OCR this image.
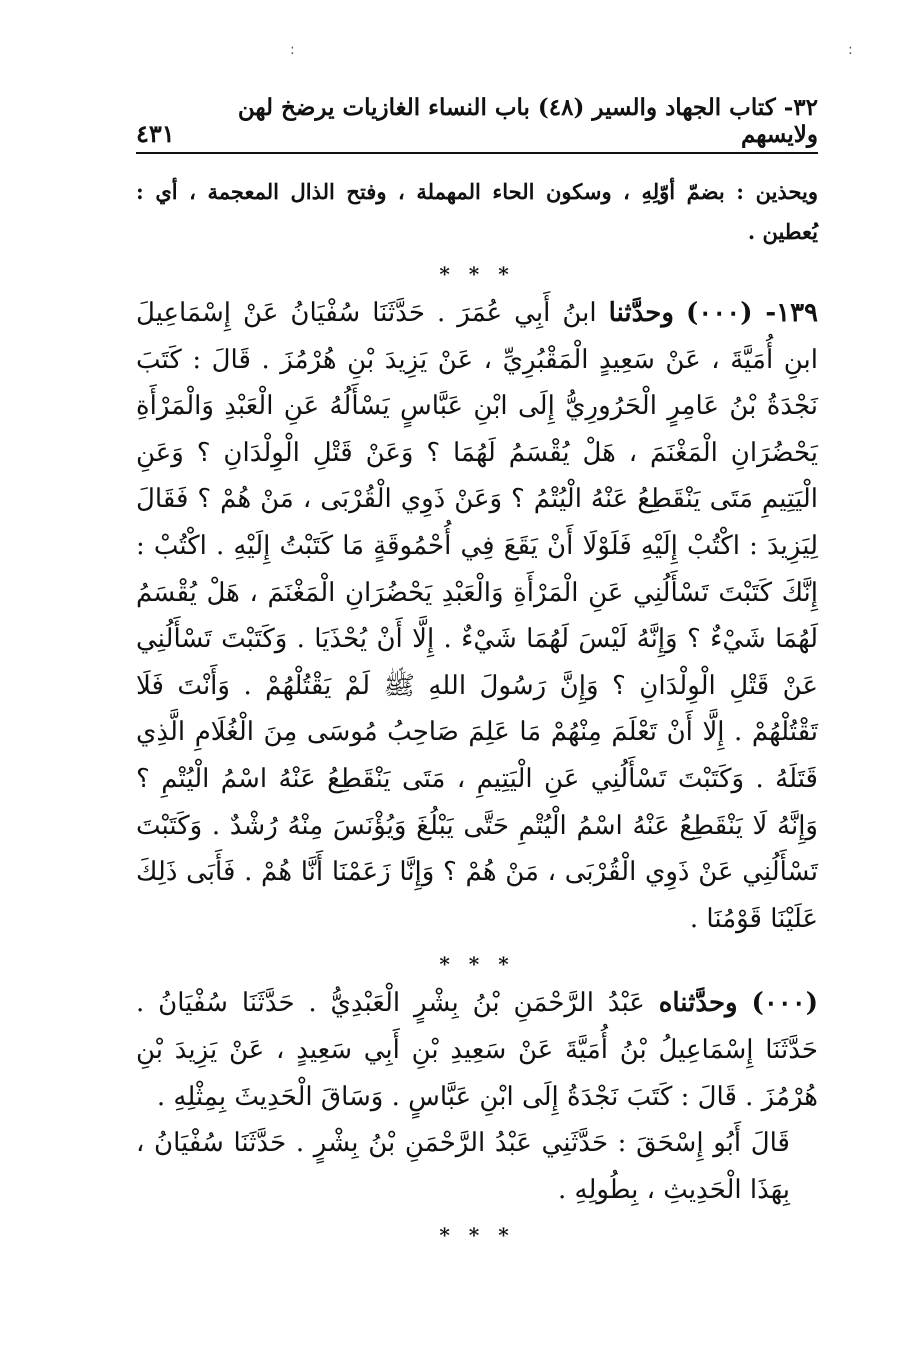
:	:
٣٢- كتاب الجهاد والسير (٤٨) باب النساء الغازيات يرضخ لهن ولايسهم
٤٣١
ويحذين : بضمّ أوّلِهِ ، وسكون الحاء المهملة ، وفتح الذال المعجمة ، أي : يُعطين .
* * *
١٣٩- (٠٠٠) وحدَّثنا ابنُ أَبِي عُمَرَ . حَدَّثَنَا سُفْيَانُ عَنْ إِسْمَاعِيلَ ابنِ أُمَيَّةَ ، عَنْ سَعِيدٍ الْمَقْبُرِيِّ ، عَنْ يَزِيدَ بْنِ هُرْمُزَ . قَالَ : كَتَبَ نَجْدَةُ بْنُ عَامِرٍ الْحَرُورِيُّ إِلَى ابْنِ عَبَّاسٍ يَسْأَلُهُ عَنِ الْعَبْدِ وَالْمَرْأَةِ يَحْضُرَانِ الْمَغْنَمَ ، هَلْ يُقْسَمُ لَهُمَا ؟ وَعَنْ قَتْلِ الْوِلْدَانِ ؟ وَعَنِ الْيَتِيمِ مَتَى يَنْقَطِعُ عَنْهُ الْيُتْمُ ؟ وَعَنْ ذَوِي الْقُرْبَى ، مَنْ هُمْ ؟ فَقَالَ لِيَزِيدَ : اكْتُبْ إِلَيْهِ فَلَوْلَا أَنْ يَقَعَ فِي أُحْمُوقَةٍ مَا كَتَبْتُ إِلَيْهِ . اكْتُبْ : إِنَّكَ كَتَبْتَ تَسْأَلُنِي عَنِ الْمَرْأَةِ وَالْعَبْدِ يَحْضُرَانِ الْمَغْنَمَ ، هَلْ يُقْسَمُ لَهُمَا شَيْءٌ ؟ وَإِنَّهُ لَيْسَ لَهُمَا شَيْءٌ . إِلَّا أَنْ يُحْذَيَا . وَكَتَبْتَ تَسْأَلُنِي عَنْ قَتْلِ الْوِلْدَانِ ؟ وَإِنَّ رَسُولَ اللهِ ﷺ لَمْ يَقْتُلْهُمْ . وَأَنْتَ فَلَا تَقْتُلْهُمْ . إِلَّا أَنْ تَعْلَمَ مِنْهُمْ مَا عَلِمَ صَاحِبُ مُوسَى مِنَ الْغُلَامِ الَّذِي قَتَلَهُ . وَكَتَبْتَ تَسْأَلُنِي عَنِ الْيَتِيمِ ، مَتَى يَنْقَطِعُ عَنْهُ اسْمُ الْيُتْمِ ؟ وَإِنَّهُ لَا يَنْقَطِعُ عَنْهُ اسْمُ الْيُتْمِ حَتَّى يَبْلُغَ وَيُؤْنَسَ مِنْهُ رُشْدٌ . وَكَتَبْتَ تَسْأَلُنِي عَنْ ذَوِي الْقُرْبَى ، مَنْ هُمْ ؟ وَإِنَّا زَعَمْنَا أَنَّا هُمْ . فَأَبَى ذَلِكَ عَلَيْنَا قَوْمُنَا .
* * *
(٠٠٠) وحدَّثناه عَبْدُ الرَّحْمَنِ بْنُ بِشْرٍ الْعَبْدِيُّ . حَدَّثَنَا سُفْيَانُ . حَدَّثَنَا إِسْمَاعِيلُ بْنُ أُمَيَّةَ عَنْ سَعِيدِ بْنِ أَبِي سَعِيدٍ ، عَنْ يَزِيدَ بْنِ هُرْمُزَ . قَالَ : كَتَبَ نَجْدَةُ إِلَى ابْنِ عَبَّاسٍ . وَسَاقَ الْحَدِيثَ بِمِثْلِهِ .
قَالَ أَبُو إِسْحَقَ : حَدَّثَنِي عَبْدُ الرَّحْمَنِ بْنُ بِشْرٍ . حَدَّثَنَا سُفْيَانُ ، بِهَذَا الْحَدِيثِ ، بِطُولِهِ .
* * *
